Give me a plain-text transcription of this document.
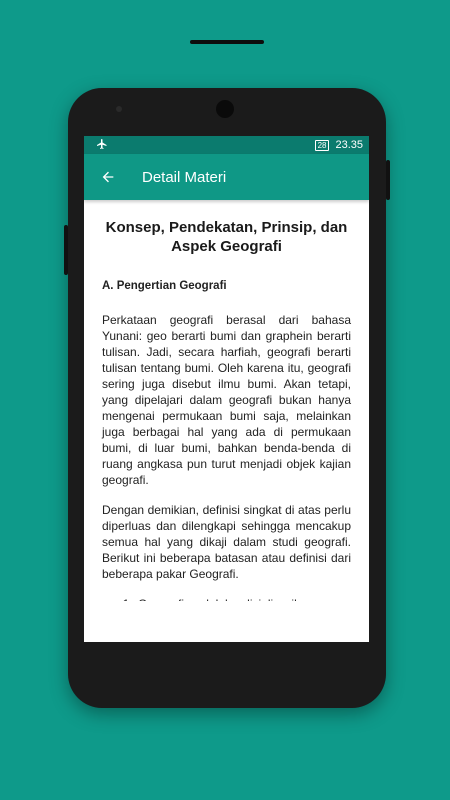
28 23.35
Detail Materi
Konsep, Pendekatan, Prinsip, dan Aspek Geografi
A. Pengertian Geografi
Perkataan geografi berasal dari bahasa Yunani: geo berarti bumi dan graphein berarti tulisan. Jadi, secara harfiah, geografi berarti tulisan tentang bumi. Oleh karena itu, geografi sering juga disebut ilmu bumi. Akan tetapi, yang dipelajari dalam geografi bukan hanya mengenai permukaan bumi saja, melainkan juga berbagai hal yang ada di permukaan bumi, di luar bumi, bahkan benda-benda di ruang angkasa pun turut menjadi objek kajian geografi.
Dengan demikian, definisi singkat di atas perlu diperluas dan dilengkapi sehingga mencakup semua hal yang dikaji dalam studi geografi. Berikut ini beberapa batasan atau definisi dari beberapa pakar Geografi.
1.
